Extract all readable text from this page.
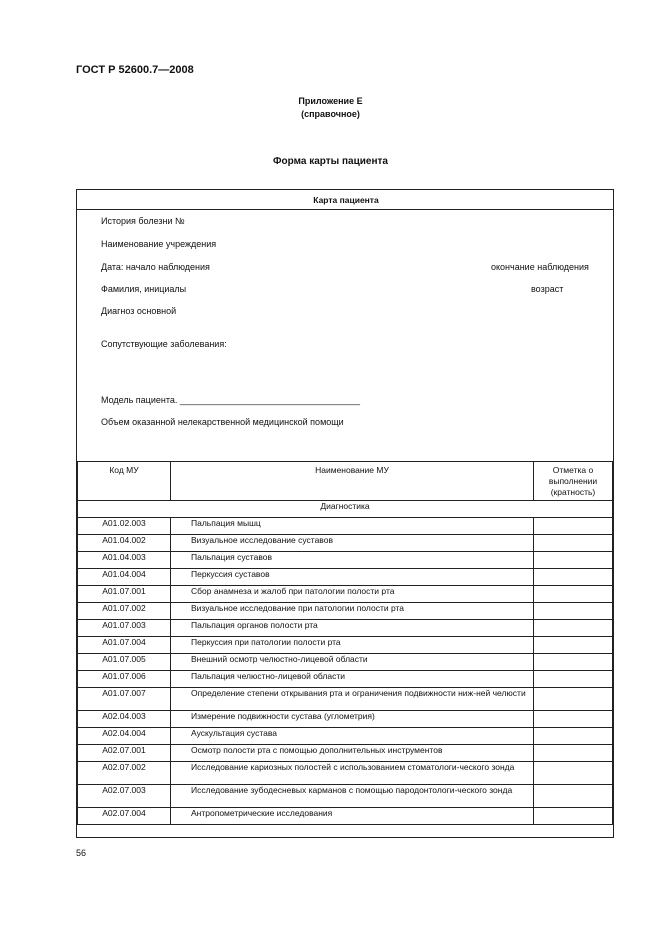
ГОСТ Р 52600.7—2008
Приложение Е
(справочное)
Форма карты пациента
Карта пациента
История болезни №
Наименование учреждения
Дата: начало наблюдения	окончание наблюдения
Фамилия, инициалы	возраст
Диагноз основной
Сопутствующие заболевания:
Модель пациента. ____________________________________
Объем оказанной нелекарственной медицинской помощи
Код МУ	Наименование МУ	Отметка о выполнении (кратность)
Диагностика		
A01.02.003	Пальпация мышц	
A01.04.002	Визуальное исследование суставов	
A01.04.003	Пальпация суставов	
A01.04.004	Перкуссия суставов	
A01.07.001	Сбор анамнеза и жалоб при патологии полости рта	
A01.07.002	Визуальное исследование при патологии полости рта	
A01.07.003	Пальпация органов полости рта	
A01.07.004	Перкуссия при патологии полости рта	
A01.07.005	Внешний осмотр челюстно-лицевой области	
A01.07.006	Пальпация челюстно-лицевой области	
A01.07.007	Определение степени открывания рта и ограничения подвижности ниж-ней челюсти	
A02.04.003	Измерение подвижности сустава (углометрия)	
A02.04.004	Аускультация сустава	
A02.07.001	Осмотр полости рта с помощью дополнительных инструментов	
A02.07.002	Исследование кариозных полостей с использованием стоматологи-ческого зонда	
A02.07.003	Исследование зубодесневых карманов с помощью пародонтологи-ческого зонда	
A02.07.004	Антропометрические исследования	
56
